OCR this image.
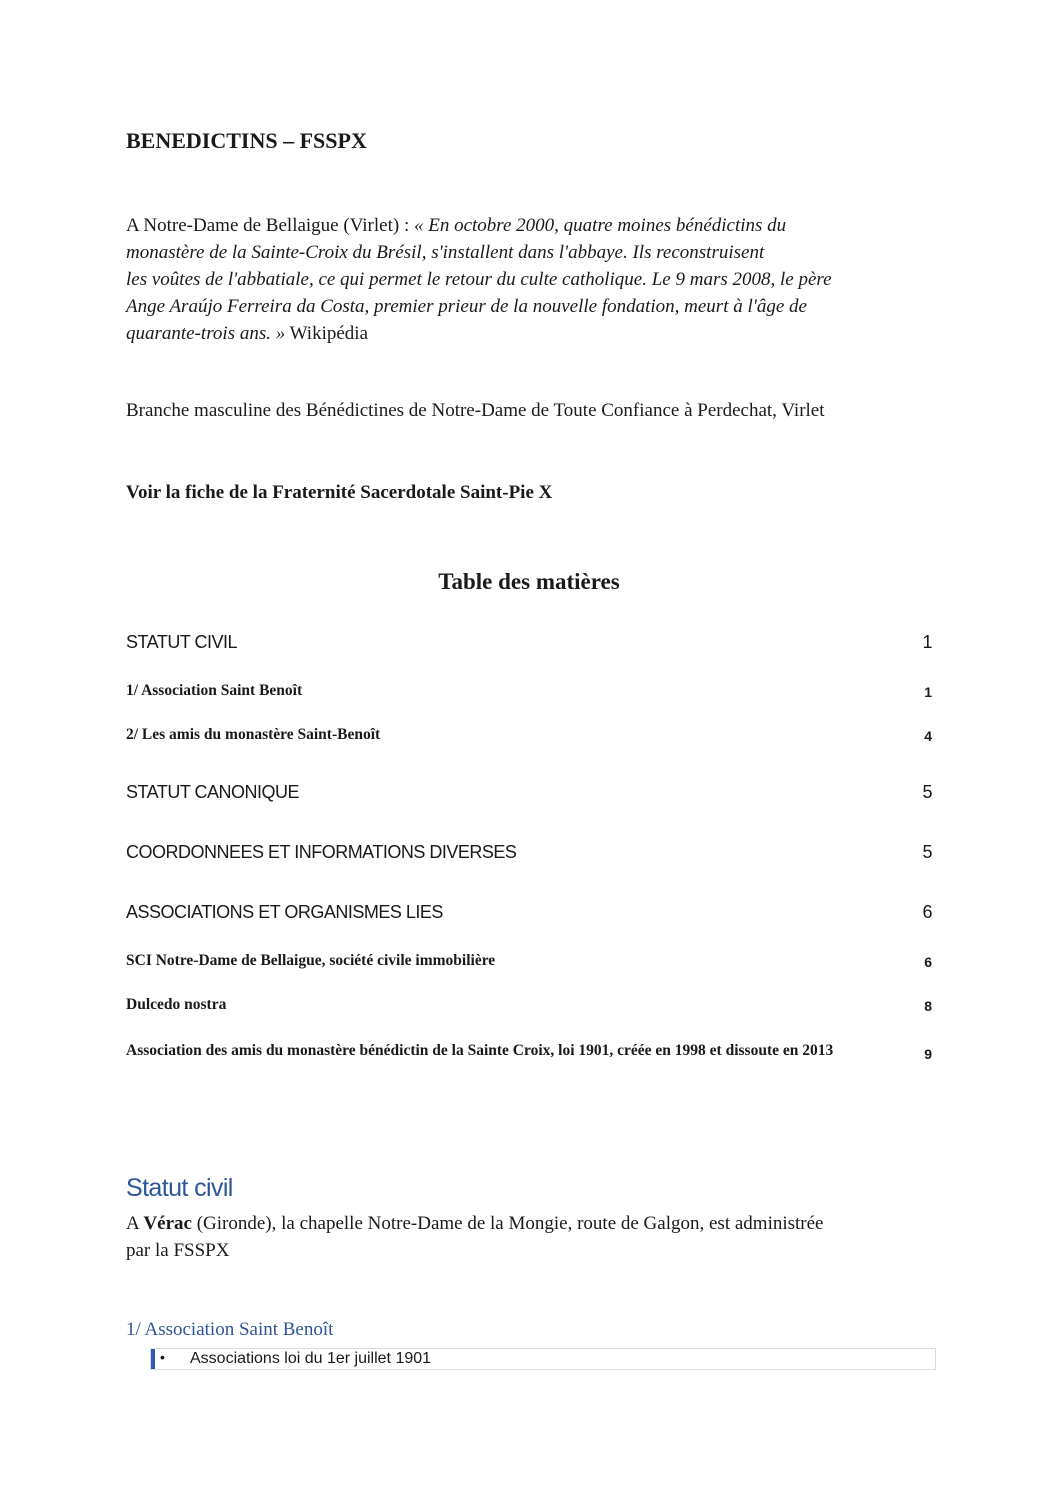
BENEDICTINS – FSSPX
A Notre-Dame de Bellaigue (Virlet) : « En octobre 2000, quatre moines bénédictins du
monastère de la Sainte-Croix du Brésil, s'installent dans l'abbaye. Ils reconstruisent
les voûtes de l'abbatiale, ce qui permet le retour du culte catholique. Le 9 mars 2008, le père
Ange Araújo Ferreira da Costa, premier prieur de la nouvelle fondation, meurt à l'âge de
quarante-trois ans. » Wikipédia
Branche masculine des Bénédictines de Notre-Dame de Toute Confiance à Perdechat, Virlet
Voir la fiche de la Fraternité Sacerdotale Saint-Pie X
Table des matières
STATUT CIVIL	1
1/ Association Saint Benoît	1
2/ Les amis du monastère Saint-Benoît	4
STATUT CANONIQUE	5
COORDONNEES ET INFORMATIONS DIVERSES	5
ASSOCIATIONS ET ORGANISMES LIES	6
SCI Notre-Dame de Bellaigue, société civile immobilière	6
Dulcedo nostra	8
Association des amis du monastère bénédictin de la Sainte Croix, loi 1901, créée en 1998 et dissoute en 2013	9
Statut civil
A Vérac (Gironde), la chapelle Notre-Dame de la Mongie, route de Galgon, est administrée
par la FSSPX
1/ Association Saint Benoît
• Associations loi du 1er juillet 1901
